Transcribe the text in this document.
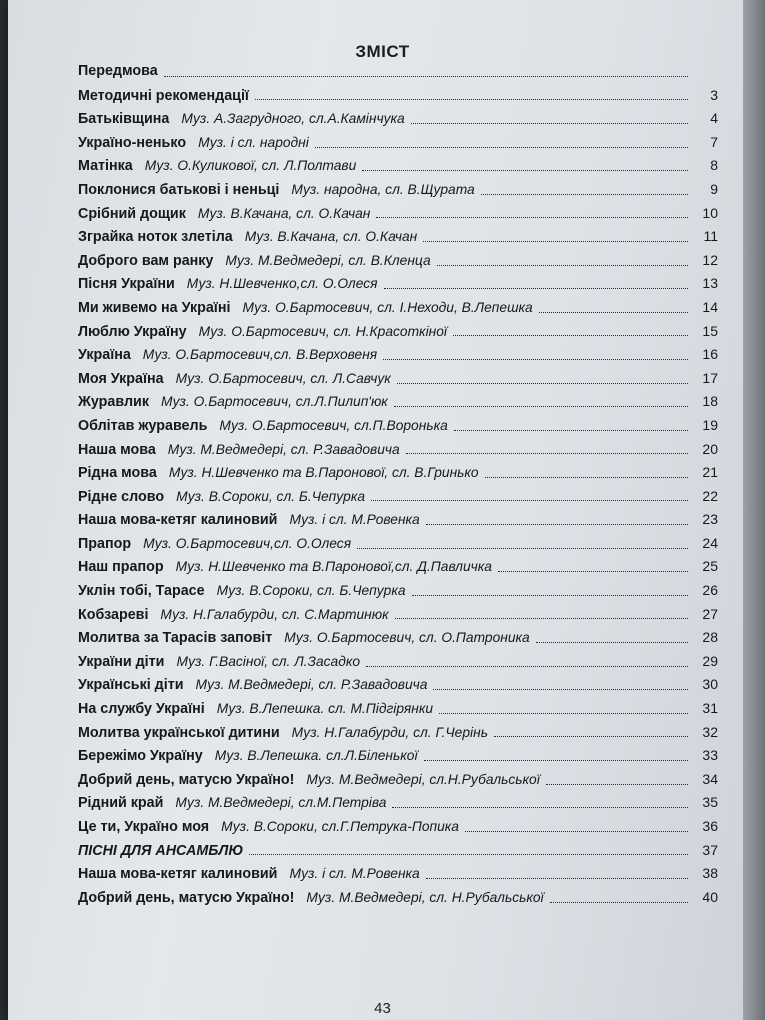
ЗМІСТ
Передмова
Методичні рекомендації	3
Батьківщина Муз. А.Загрудного, сл.А.Камінчука	4
Україно-ненько Муз. і сл. народні	7
Матінка Муз. О.Куликової, сл. Л.Полтави	8
Поклонися батькові і неньці Муз. народна, сл. В.Щурата	9
Срібний дощик Муз. В.Качана, сл. О.Качан	10
Зграйка ноток злетіла Муз. В.Качана, сл. О.Качан	11
Доброго вам ранку Муз. М.Ведмедері, сл. В.Кленца	12
Пісня України Муз. Н.Шевченко,сл. О.Олеся	13
Ми живемо на Україні Муз. О.Бартосевич, сл. І.Неходи, В.Лепешка	14
Люблю Україну Муз. О.Бартосевич, сл. Н.Красоткіної	15
Україна Муз. О.Бартосевич,сл. В.Верховеня	16
Моя Україна Муз. О.Бартосевич, сл. Л.Савчук	17
Журавлик Муз. О.Бартосевич, сл.Л.Пилип'юк	18
Облітав журавель Муз. О.Бартосевич, сл.П.Воронька	19
Наша мова Муз. М.Ведмедері, сл. Р.Завадовича	20
Рідна мова Муз. Н.Шевченко та В.Паронової, сл. В.Гринько	21
Рідне слово Муз. В.Сороки, сл. Б.Чепурка	22
Наша мова-кетяг калиновий Муз. і сл. М.Ровенка	23
Прапор Муз. О.Бартосевич,сл. О.Олеся	24
Наш прапор Муз. Н.Шевченко та В.Паронової,сл. Д.Павличка	25
Уклін тобі, Тарасе Муз. В.Сороки, сл. Б.Чепурка	26
Кобзареві Муз. Н.Галабурди, сл. С.Мартинюк	27
Молитва за Тарасів заповіт Муз. О.Бартосевич, сл. О.Патроника	28
України діти Муз. Г.Васіної, сл. Л.Засадко	29
Українські діти Муз. М.Ведмедері, сл. Р.Завадовича	30
На службу Україні Муз. В.Лепешка. сл. М.Підгірянки	31
Молитва української дитини Муз. Н.Галабурди, сл. Г.Черінь	32
Бережімо Україну Муз. В.Лепешка. сл.Л.Біленької	33
Добрий день, матусю Україно! Муз. М.Ведмедері, сл.Н.Рубальської	34
Рідний край Муз. М.Ведмедері, сл.М.Петріва	35
Це ти, Україно моя Муз. В.Сороки, сл.Г.Петрука-Попика	36
ПІСНІ ДЛЯ АНСАМБЛЮ	37
Наша мова-кетяг калиновий Муз. і сл. М.Ровенка	38
Добрий день, матусю Україно! Муз. М.Ведмедері, сл. Н.Рубальської	40
43
